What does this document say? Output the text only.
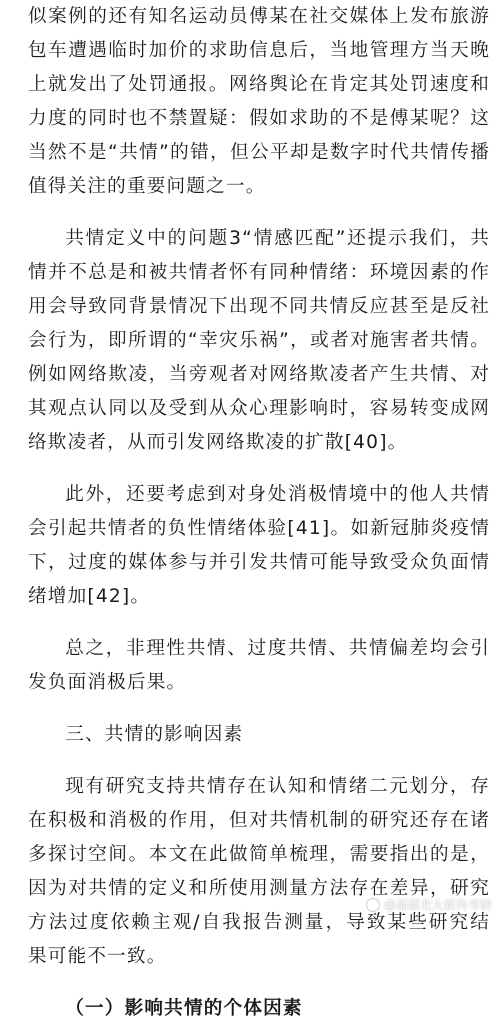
似案例的还有知名运动员傅某在社交媒体上发布旅游包车遭遇临时加价的求助信息后，当地管理方当天晚上就发出了处罚通报。网络舆论在肯定其处罚速度和力度的同时也不禁置疑：假如求助的不是傅某呢？这当然不是“共情”的错，但公平却是数字时代共情传播值得关注的重要问题之一。

共情定义中的问题3“情感匹配”还提示我们，共情并不总是和被共情者怀有同种情绪：环境因素的作用会导致同背景情况下出现不同共情反应甚至是反社会行为，即所谓的“幸灾乐祸”，或者对施害者共情。例如网络欺凌，当旁观者对网络欺凌者产生共情、对其观点认同以及受到从众心理影响时，容易转变成网络欺凌者，从而引发网络欺凌的扩散[40]。

此外，还要考虑到对身处消极情境中的他人共情会引起共情者的负性情绪体验[41]。如新冠肺炎疫情下，过度的媒体参与并引发共情可能导致受众负面情绪增加[42]。

总之，非理性共情、过度共情、共情偏差均会引发负面消极后果。

三、共情的影响因素

现有研究支持共情存在认知和情绪二元划分，存在积极和消极的作用，但对共情机制的研究还存在诸多探讨空间。本文在此做简单梳理，需要指出的是，因为对共情的定义和所使用测量方法存在差异，研究方法过度依赖主观/自我报告测量，导致某些研究结果可能不一致。

（一）影响共情的个体因素

@福留北大新传考研
